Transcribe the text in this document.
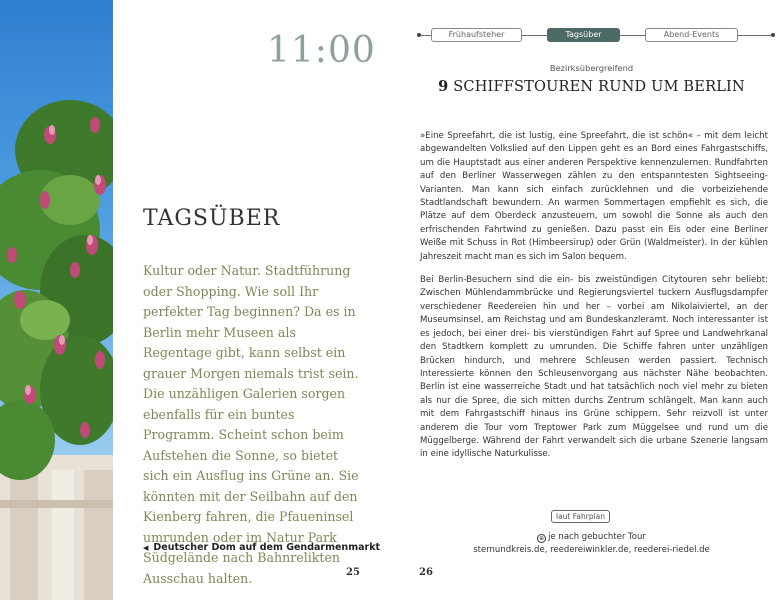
11:00
TAGSÜBER
Kultur oder Natur. Stadtführung oder Shopping. Wie soll Ihr perfekter Tag beginnen? Da es in Berlin mehr Museen als Regentage gibt, kann selbst ein grauer Morgen niemals trist sein. Die unzähligen Galerien sorgen ebenfalls für ein buntes Programm. Scheint schon beim Aufstehen die Sonne, so bietet sich ein Ausflug ins Grüne an. Sie könnten mit der Seilbahn auf den Kienberg fahren, die Pfaueninsel umrunden oder im Natur Park Südgelände nach Bahnrelikten Ausschau halten.
◀ Deutscher Dom auf dem Gendarmenmarkt
25
Frühaufsteher	Tagsüber	Abend-Events
Bezirksübergreifend
9 SCHIFFSTOUREN RUND UM BERLIN

»Eine Spreefahrt, die ist lustig, eine Spreefahrt, die ist schön« – mit dem leicht abgewandelten Volkslied auf den Lippen geht es an Bord eines Fahrgastschiffs, um die Hauptstadt aus einer anderen Perspektive kennenzulernen. Rundfahrten auf den Berliner Wasserwegen zählen zu den entspanntesten Sightseeing-Varianten. Man kann sich einfach zurücklehnen und die vorbeiziehende Stadtlandschaft bewundern. An warmen Sommertagen empfiehlt es sich, die Plätze auf dem Oberdeck anzusteuern, um sowohl die Sonne als auch den erfrischenden Fahrtwind zu genießen. Dazu passt ein Eis oder eine Berliner Weiße mit Schuss in Rot (Himbeersirup) oder Grün (Waldmeister). In der kühlen Jahreszeit macht man es sich im Salon bequem.

Bei Berlin-Besuchern sind die ein- bis zweistündigen Citytouren sehr beliebt: Zwischen Mühlendammbrücke und Regierungsviertel tuckern Ausflugsdampfer verschiedener Reedereien hin und her – vorbei am Nikolaiviertel, an der Museumsinsel, am Reichstag und am Bundeskanzleramt. Noch interessanter ist es jedoch, bei einer drei- bis vierstündigen Fahrt auf Spree und Landwehrkanal den Stadtkern komplett zu umrunden. Die Schiffe fahren unter unzähligen Brücken hindurch, und mehrere Schleusen werden passiert. Technisch Interessierte können den Schleusenvorgang aus nächster Nähe beobachten. Berlin ist eine wasserreiche Stadt und hat tatsächlich noch viel mehr zu bieten als nur die Spree, die sich mitten durchs Zentrum schlängelt. Man kann auch mit dem Fahrgastschiff hinaus ins Grüne schippern. Sehr reizvoll ist unter anderem die Tour vom Treptower Park zum Müggelsee und rund um die Müggelberge. Während der Fahrt verwandelt sich die urbane Szenerie langsam in eine idyllische Naturkulisse.

laut Fahrplan
⊕ je nach gebuchter Tour
sternundkreis.de, reedereiwinkler.de, reederei-riedel.de
26
